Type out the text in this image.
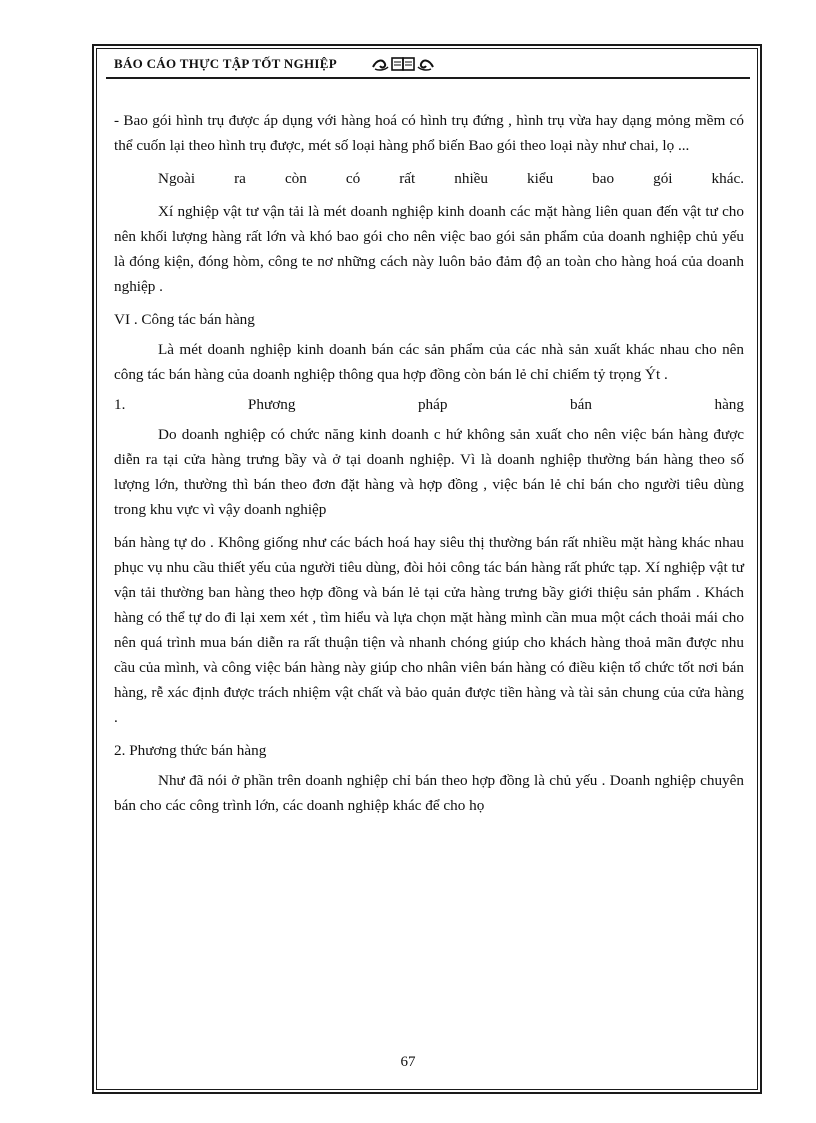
BÁO CÁO THỰC TẬP TỐT NGHIỆP

- Bao gói hình trụ được áp dụng với hàng hoá có hình trụ đứng , hình trụ vừa hay dạng mỏng mềm có thể cuốn lại theo hình trụ được, mét số loại hàng phổ biến Bao gói theo loại này như chai, lọ ...

Ngoài ra còn có rất nhiều kiểu bao gói khác.

Xí nghiệp vật tư vận tải là mét doanh nghiệp kinh doanh các mặt hàng liên quan đến vật tư cho nên khối lượng hàng rất lớn và khó bao gói cho nên việc bao gói sản phẩm của doanh nghiệp chủ yếu là đóng kiện, đóng hòm, công te nơ những cách này luôn bảo đảm độ an toàn cho hàng hoá của doanh nghiệp .

VI . Công tác bán hàng

Là mét doanh nghiệp kinh doanh bán các sản phẩm của các nhà sản xuất khác nhau cho nên công tác bán hàng của doanh nghiệp thông qua hợp đồng còn bán lẻ chỉ chiếm tỷ trọng Ýt .

1. Phương pháp bán hàng

Do doanh nghiệp có chức năng kinh doanh c hứ không sản xuất cho nên việc bán hàng được diễn ra tại cửa hàng trưng bầy và ở tại doanh nghiệp. Vì là doanh nghiệp thường bán hàng theo số lượng lớn, thường thì bán theo đơn đặt hàng và hợp đồng , việc bán lẻ chỉ bán cho người tiêu dùng trong khu vực vì vậy doanh nghiệp

bán hàng tự do . Không giống như các bách hoá hay siêu thị thường bán rất nhiều mặt hàng khác nhau phục vụ nhu cầu thiết yếu của người tiêu dùng, đòi hỏi công tác bán hàng rất phức tạp. Xí nghiệp vật tư vận tải thường ban hàng theo hợp đồng và bán lẻ tại cửa hàng trưng bầy giới thiệu sản phẩm . Khách hàng có thể tự do đi lại xem xét , tìm hiểu và lựa chọn mặt hàng mình cần mua một cách thoải mái cho nên quá trình mua bán diễn ra rất thuận tiện và nhanh chóng giúp cho khách hàng thoả mãn được nhu cầu của mình, và công việc bán hàng này giúp cho nhân viên bán hàng có điều kiện tổ chức tốt nơi bán hàng, rễ xác định được trách nhiệm vật chất và bảo quản được tiền hàng và tài sản chung của cửa hàng .

2. Phương thức bán hàng

Như đã nói ở phần trên doanh nghiệp chỉ bán theo hợp đồng là chủ yếu . Doanh nghiệp chuyên bán cho các công trình lớn, các doanh nghiệp khác để cho họ

67
